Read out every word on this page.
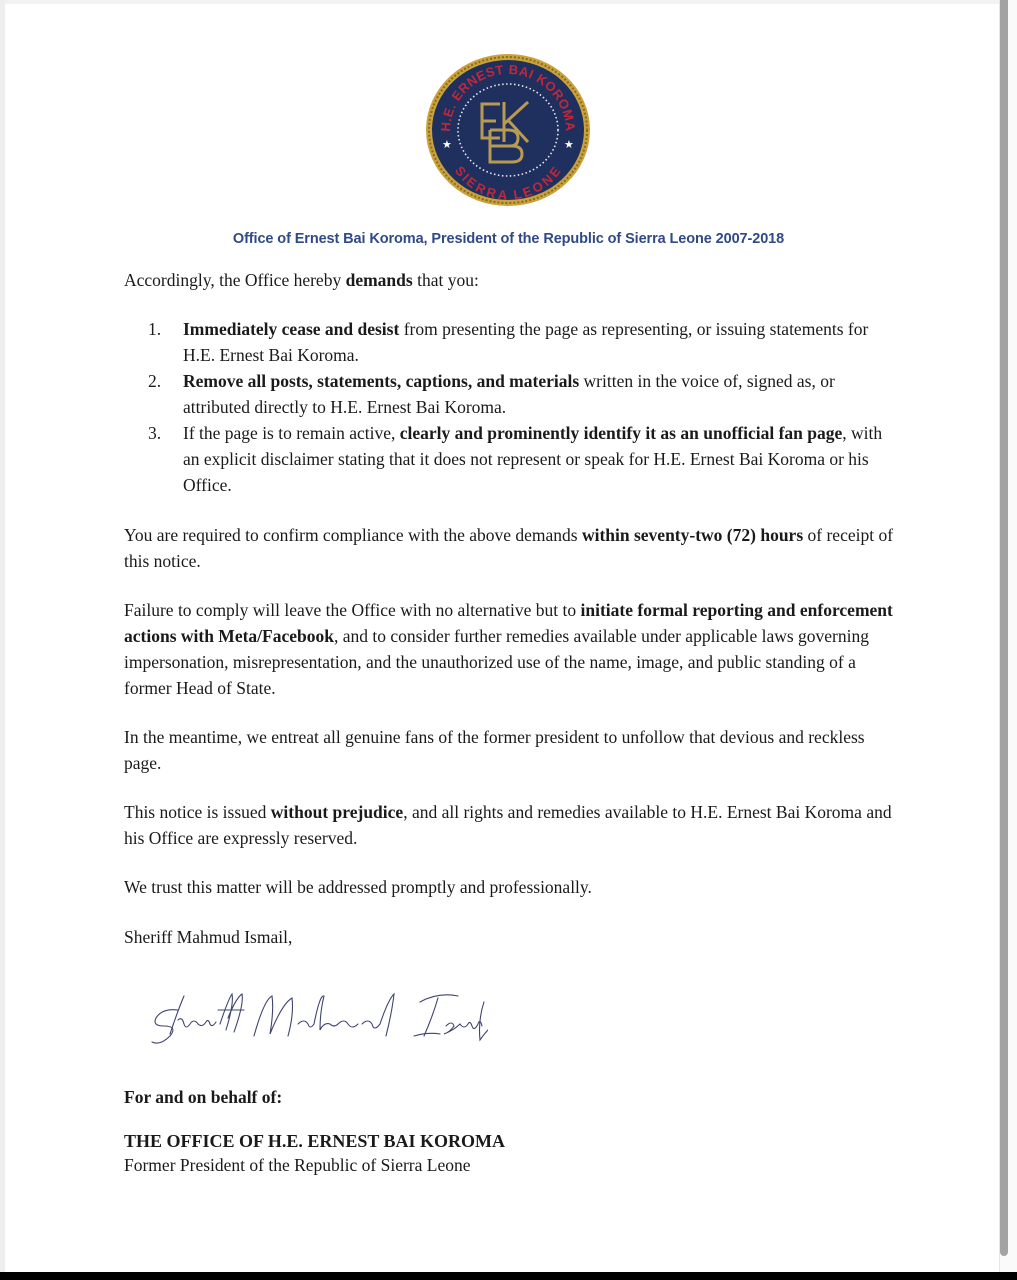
H.E. ERNEST BAI KOROMA
SIERRA LEONE
★	★
Office of Ernest Bai Koroma, President of the Republic of Sierra Leone 2007-2018

Accordingly, the Office hereby demands that you:

1.	Immediately cease and desist from presenting the page as representing, or issuing statements for H.E. Ernest Bai Koroma.
2.	Remove all posts, statements, captions, and materials written in the voice of, signed as, or attributed directly to H.E. Ernest Bai Koroma.
3.	If the page is to remain active, clearly and prominently identify it as an unofficial fan page, with an explicit disclaimer stating that it does not represent or speak for H.E. Ernest Bai Koroma or his Office.

You are required to confirm compliance with the above demands within seventy-two (72) hours of receipt of this notice.

Failure to comply will leave the Office with no alternative but to initiate formal reporting and enforcement actions with Meta/Facebook, and to consider further remedies available under applicable laws governing impersonation, misrepresentation, and the unauthorized use of the name, image, and public standing of a former Head of State.

In the meantime, we entreat all genuine fans of the former president to unfollow that devious and reckless page.

This notice is issued without prejudice, and all rights and remedies available to H.E. Ernest Bai Koroma and his Office are expressly reserved.

We trust this matter will be addressed promptly and professionally.

Sheriff Mahmud Ismail,

For and on behalf of:

THE OFFICE OF H.E. ERNEST BAI KOROMA

Former President of the Republic of Sierra Leone
